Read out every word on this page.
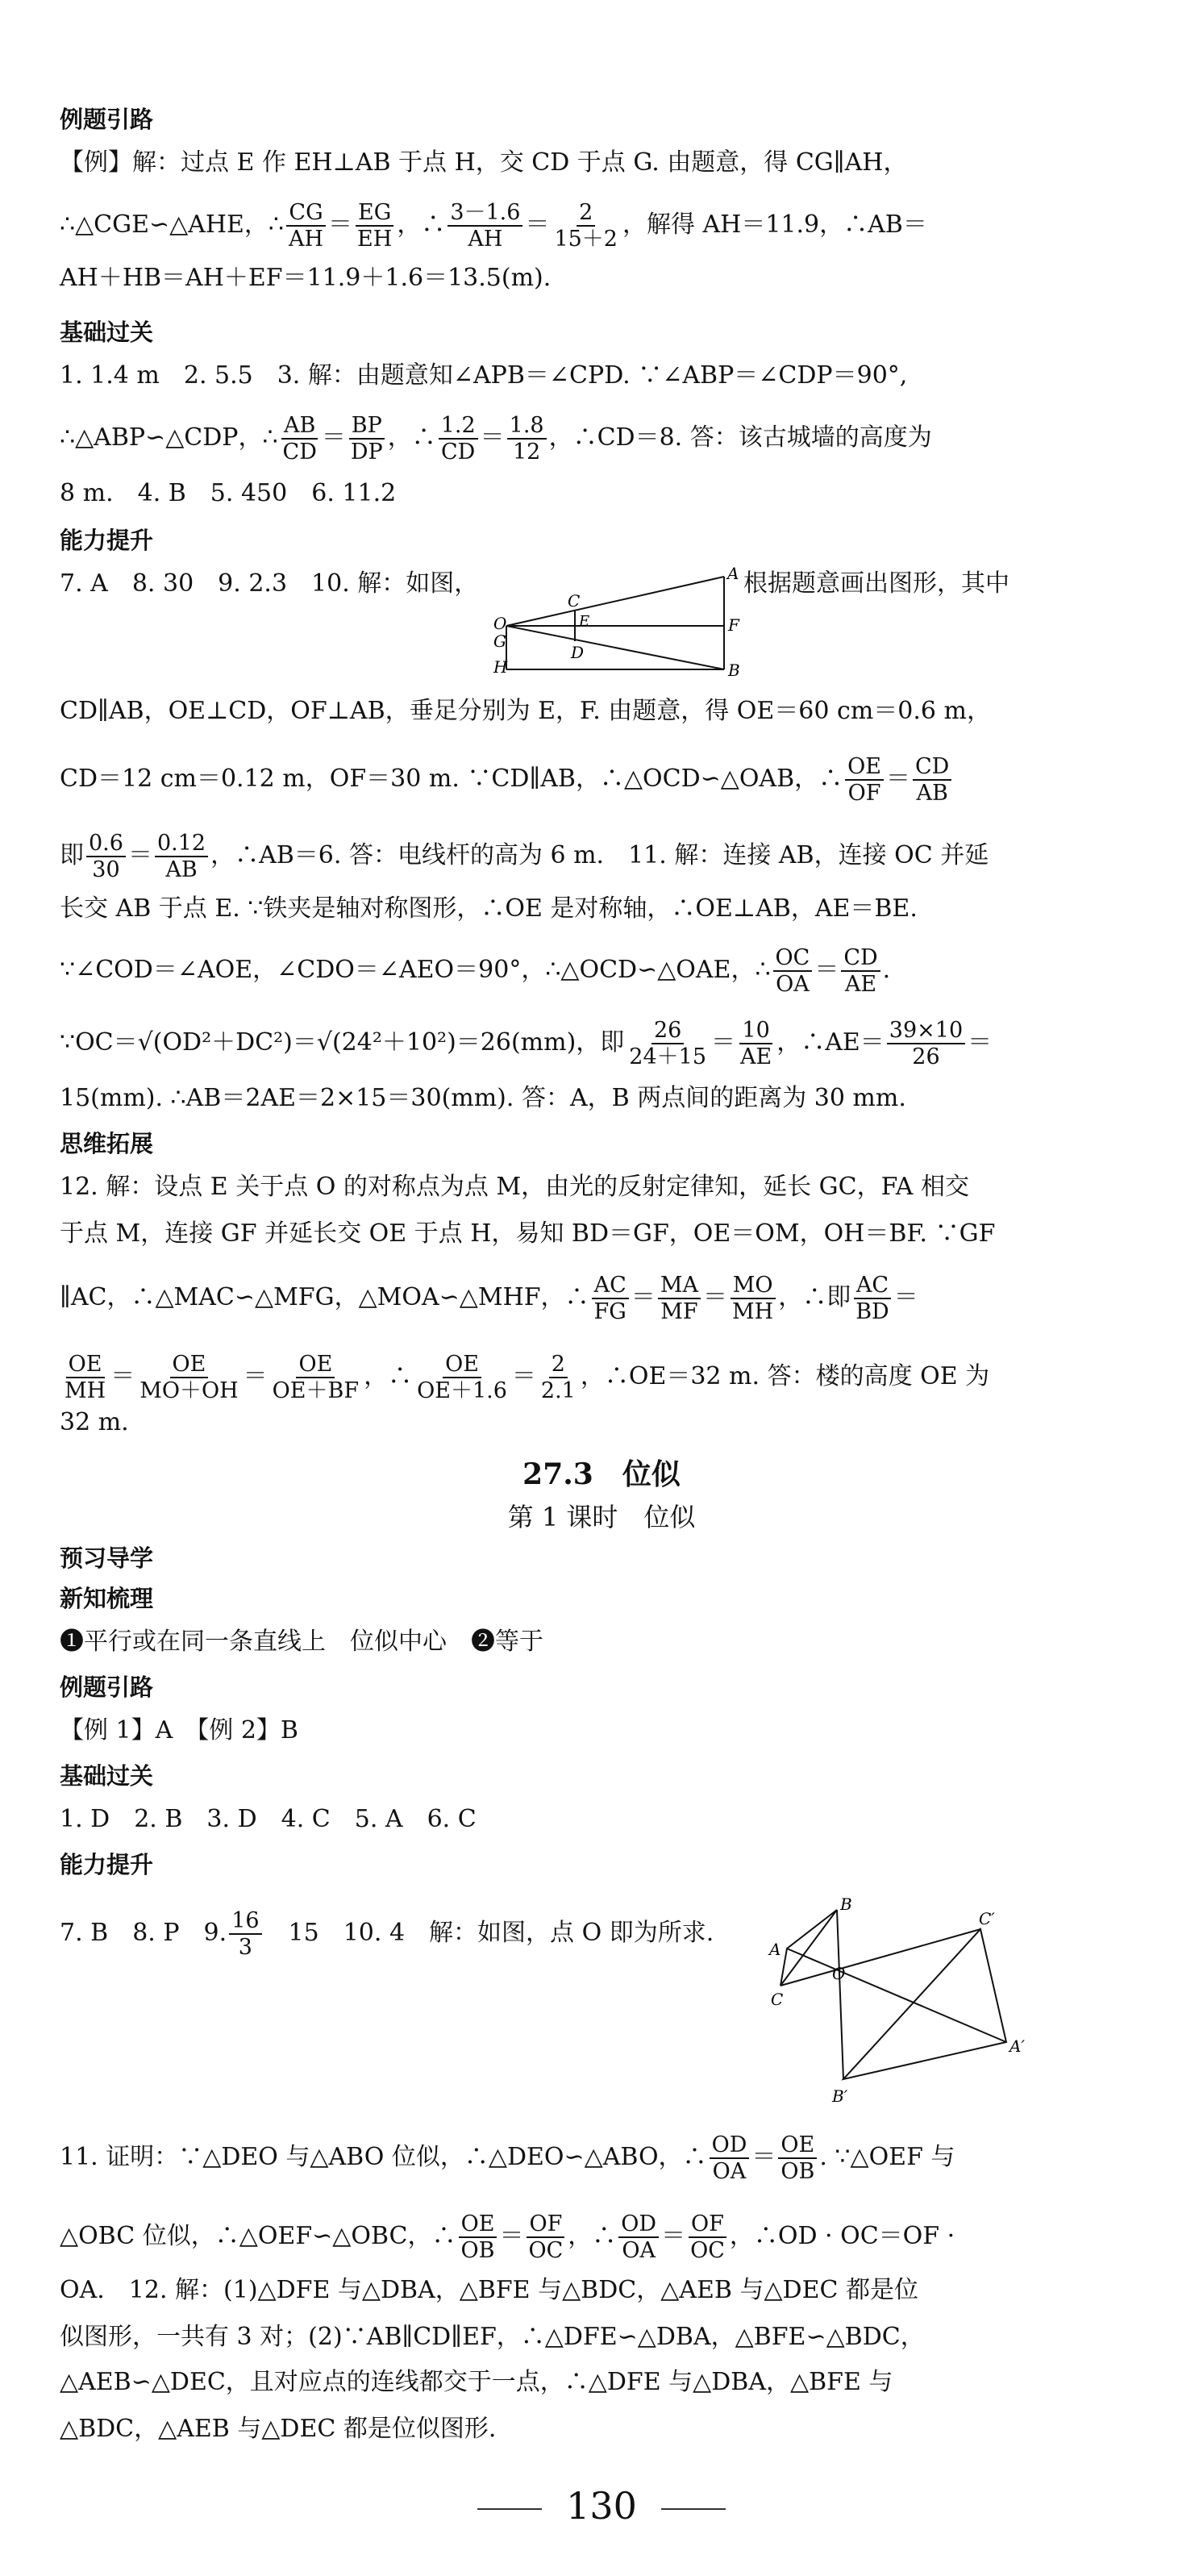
例题引路
【例】解：过点 E 作 EH⊥AB 于点 H，交 CD 于点 G. 由题意，得 CG∥AH，
∴△CGE∽△AHE，∴ $\frac{CG}{AH} = \frac{EG}{EH}$ ，∴ $\frac{3-1.6}{AH} = \frac{2}{15+2}$ ，解得 AH＝11.9，∴AB＝
AH＋HB＝AH＋EF＝11.9＋1.6＝13.5(m).
基础过关
1. 1.4 m　2. 5.5　3. 解：由题意知∠APB＝∠CPD. ∵∠ABP＝∠CDP＝90°,
∴△ABP∽△CDP，∴ $\frac{AB}{CD} = \frac{BP}{DP}$ ，∴ $\frac{1.2}{CD} = \frac{1.8}{12}$ ，∴CD＝8. 答：该古城墙的高度为
8 m.　4. B　5. 450　6. 11.2
能力提升
7. A　8. 30　9. 2.3　10. 解：如图，	A
C
E
O
G
D
H
F
B
根据题意画出图形，其中
CD∥AB，OE⊥CD，OF⊥AB，垂足分别为 E，F. 由题意，得 OE＝60 cm＝0.6 m，
CD＝12 cm＝0.12 m，OF＝30 m. ∵CD∥AB，∴△OCD∽△OAB，∴ $\frac{OE}{OF} = \frac{CD}{AB}$
即 $\frac{0.6}{30} = \frac{0.12}{AB}$ ，∴AB＝6. 答：电线杆的高为 6 m.　11. 解：连接 AB，连接 OC 并延
长交 AB 于点 E. ∵铁夹是轴对称图形，∴OE 是对称轴，∴OE⊥AB，AE＝BE.
∵∠COD＝∠AOE，∠CDO＝∠AEO＝90°，∴△OCD∽△OAE，∴ $\frac{OC}{OA} = \frac{CD}{AE}$ .
∵OC＝√(OD²＋DC²)＝√(24²＋10²)＝26(mm)，即 $\frac{26}{24+15} = \frac{10}{AE}$ ，∴AE＝ $\frac{39\times 10}{26}$ ＝
15(mm). ∴AB＝2AE＝2×15＝30(mm). 答：A，B 两点间的距离为 30 mm.
思维拓展
12. 解：设点 E 关于点 O 的对称点为点 M，由光的反射定律知，延长 GC，FA 相交
于点 M，连接 GF 并延长交 OE 于点 H，易知 BD＝GF，OE＝OM，OH＝BF. ∵GF
∥AC，∴△MAC∽△MFG，△MOA∽△MHF，∴ $\frac{AC}{FG} = \frac{MA}{MF} = \frac{MO}{MH}$ ，∴即 $\frac{AC}{BD}$ ＝
$\frac{OE}{MH} = \frac{OE}{MO+OH} = \frac{OE}{OE+BF}$ ，∴ $\frac{OE}{OE+1.6} = \frac{2}{2.1}$ ，∴OE＝32 m. 答：楼的高度 OE 为
32 m.
27.3　位似
第 1 课时　位似
预习导学
新知梳理
❶平行或在同一条直线上　位似中心　❷等于
例题引路
【例 1】A　【例 2】B
基础过关
1. D　2. B　3. D　4. C　5. A　6. C
能力提升
7. B　8. P　9. $\frac{16}{3}$
　 15　10. 4　解：如图，点 O 即为所求.
B
C′
A
O
C
A′
B′
11. 证明：∵△DEO 与△ABO 位似，∴△DEO∽△ABO，∴ $\frac{OD}{OA} = \frac{OE}{OB}$ . ∵△OEF 与
△OBC 位似，∴△OEF∽△OBC，∴ $\frac{OE}{OB} = \frac{OF}{OC}$ ，∴ $\frac{OD}{OA} = \frac{OF}{OC}$ ，∴OD · OC＝OF ·
OA.　12. 解：(1)△DFE 与△DBA，△BFE 与△BDC，△AEB 与△DEC 都是位
似图形，一共有 3 对；(2)∵AB∥CD∥EF，∴△DFE∽△DBA，△BFE∽△BDC，
△AEB∽△DEC，且对应点的连线都交于一点，∴△DFE 与△DBA，△BFE 与
△BDC，△AEB 与△DEC 都是位似图形.
130
